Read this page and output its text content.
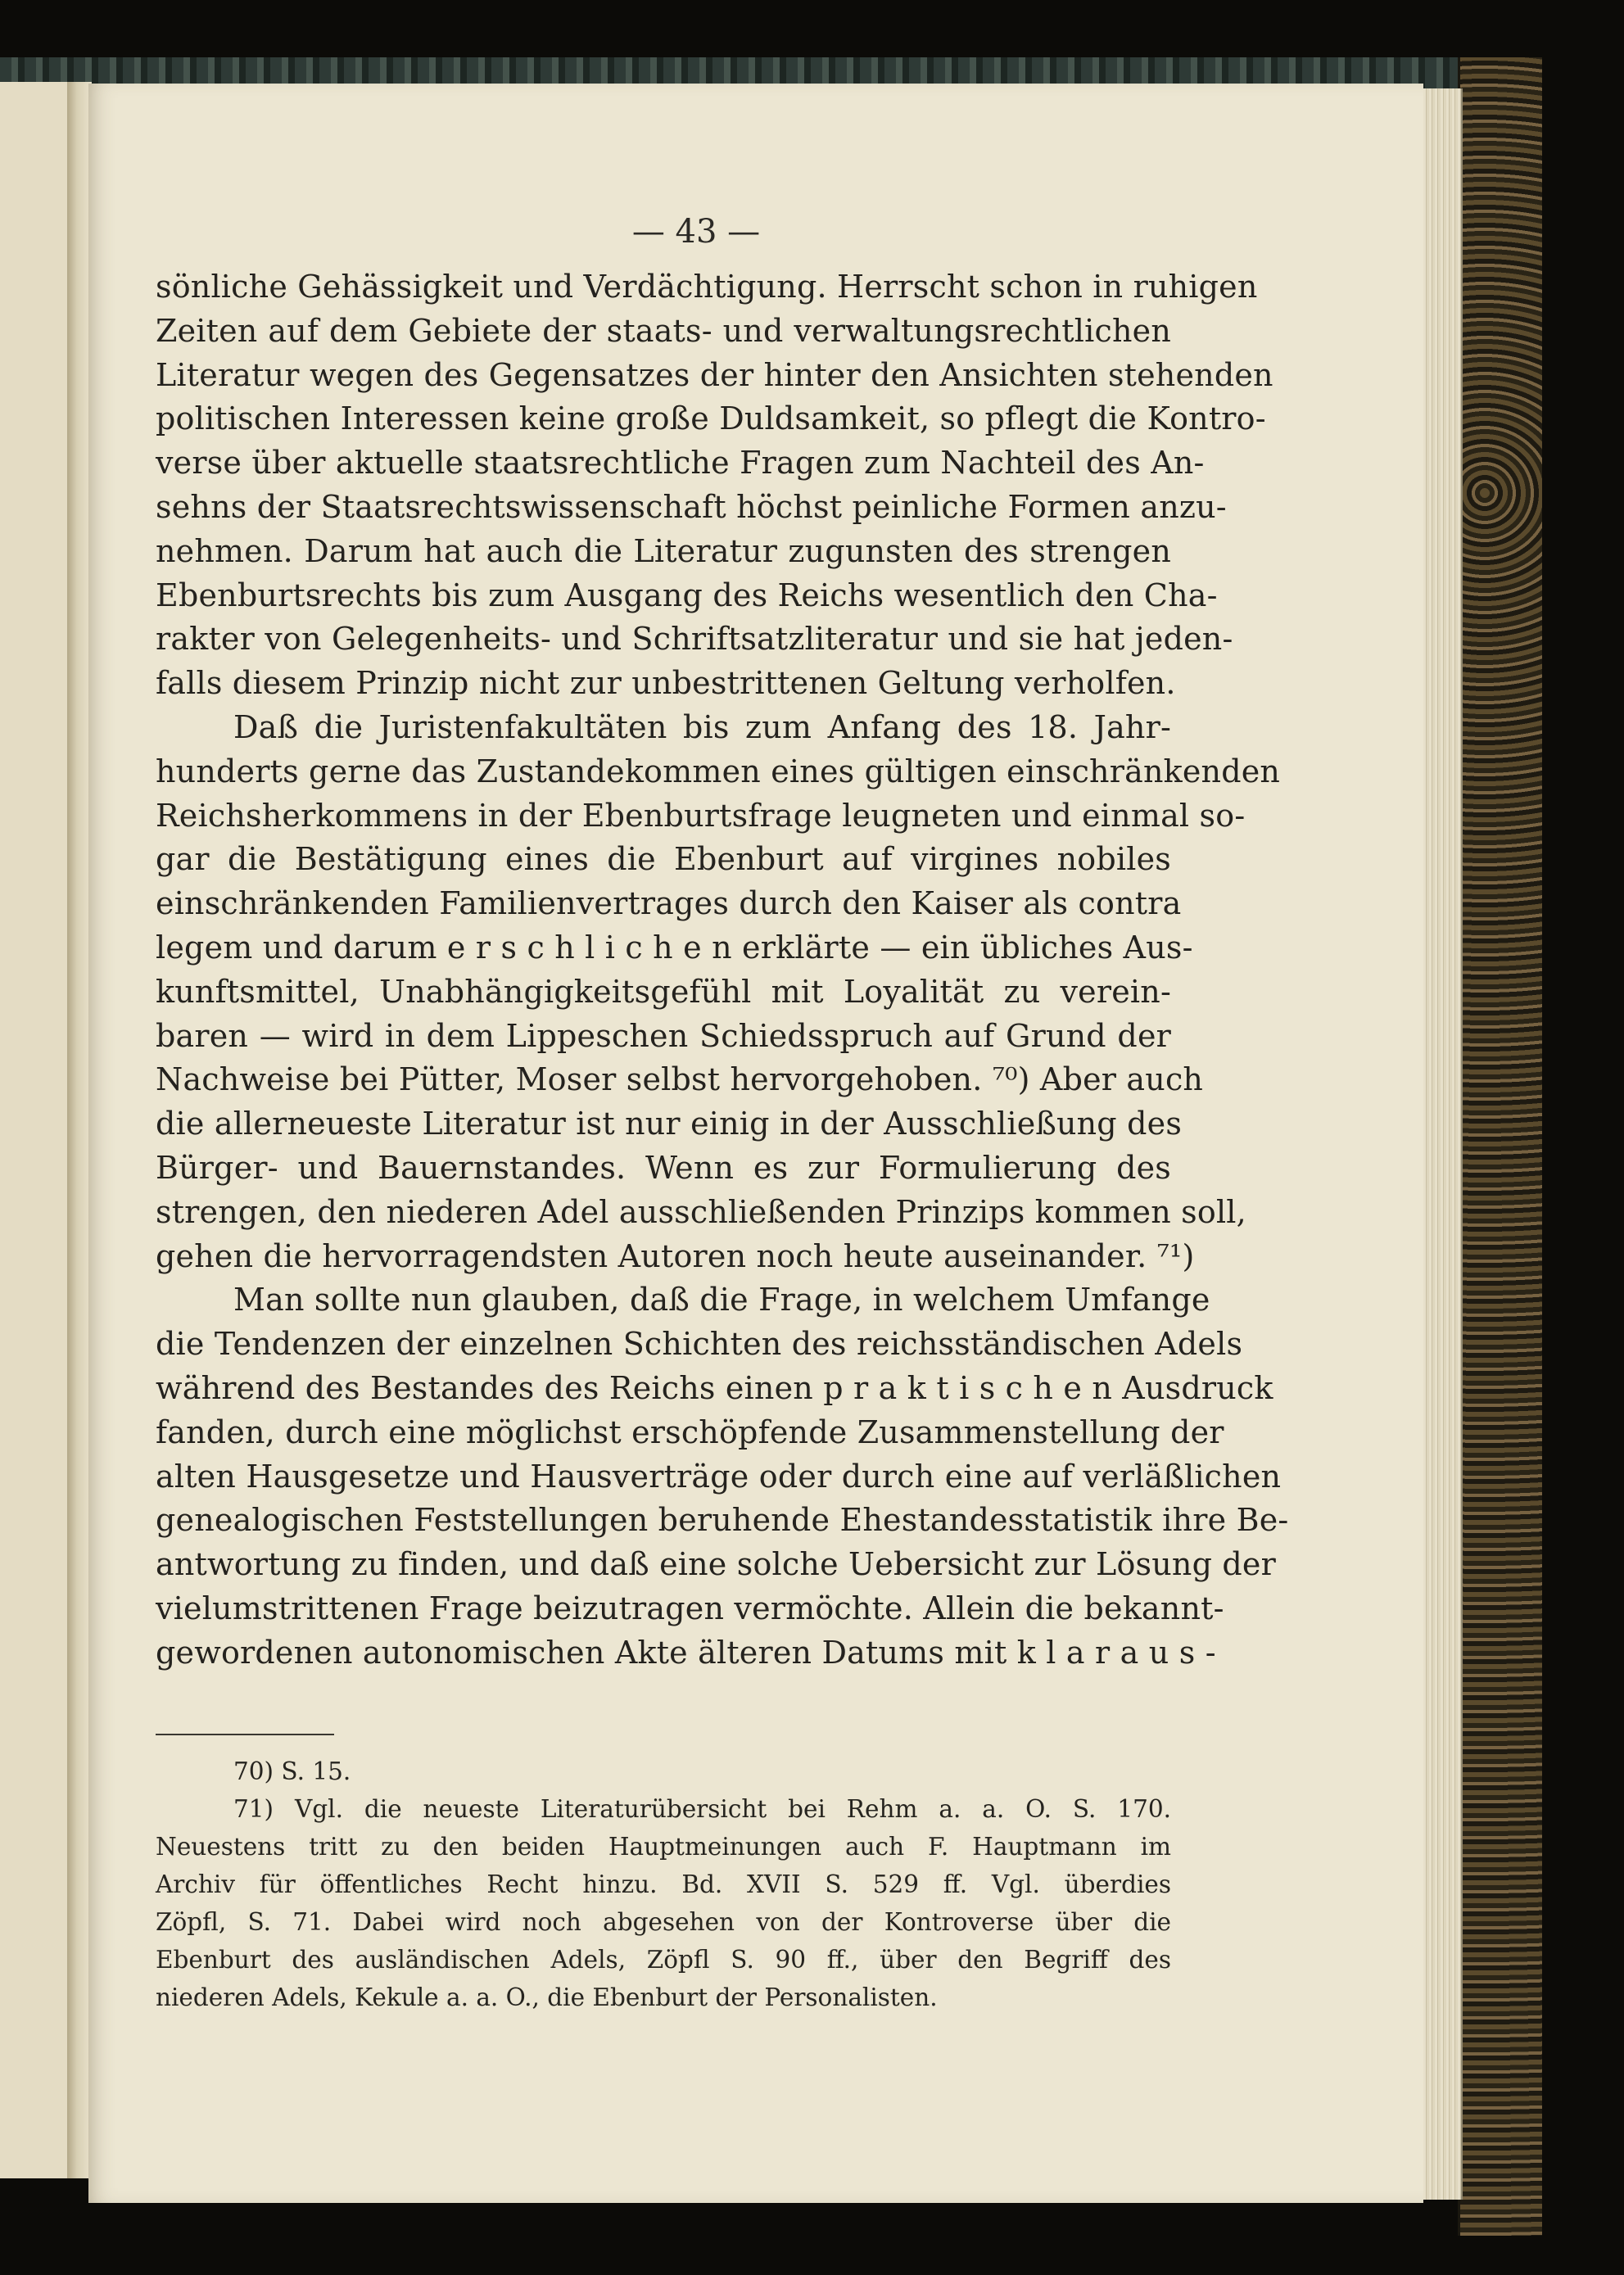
— 43 —
sönliche Gehässigkeit und Verdächtigung. Herrscht schon in ruhigen
Zeiten auf dem Gebiete der staats- und verwaltungsrechtlichen
Literatur wegen des Gegensatzes der hinter den Ansichten stehenden
politischen Interessen keine große Duldsamkeit, so pflegt die Kontro-
verse über aktuelle staatsrechtliche Fragen zum Nachteil des An-
sehns der Staatsrechtswissenschaft höchst peinliche Formen anzu-
nehmen. Darum hat auch die Literatur zugunsten des strengen
Ebenburtsrechts bis zum Ausgang des Reichs wesentlich den Cha-
rakter von Gelegenheits- und Schriftsatzliteratur und sie hat jeden-
falls diesem Prinzip nicht zur unbestrittenen Geltung verholfen.
Daß die Juristenfakultäten bis zum Anfang des 18. Jahr-
hunderts gerne das Zustandekommen eines gültigen einschränkenden
Reichsherkommens in der Ebenburtsfrage leugneten und einmal so-
gar die Bestätigung eines die Ebenburt auf virgines nobiles
einschränkenden Familienvertrages durch den Kaiser als contra
legem und darum e r s c h l i c h e n erklärte — ein übliches Aus-
kunftsmittel, Unabhängigkeitsgefühl mit Loyalität zu verein-
baren — wird in dem Lippeschen Schiedsspruch auf Grund der
Nachweise bei Pütter, Moser selbst hervorgehoben. ⁷⁰) Aber auch
die allerneueste Literatur ist nur einig in der Ausschließung des
Bürger- und Bauernstandes. Wenn es zur Formulierung des
strengen, den niederen Adel ausschließenden Prinzips kommen soll,
gehen die hervorragendsten Autoren noch heute auseinander. ⁷¹)
Man sollte nun glauben, daß die Frage, in welchem Umfange
die Tendenzen der einzelnen Schichten des reichsständischen Adels
während des Bestandes des Reichs einen p r a k t i s c h e n Ausdruck
fanden, durch eine möglichst erschöpfende Zusammenstellung der
alten Hausgesetze und Hausverträge oder durch eine auf verläßlichen
genealogischen Feststellungen beruhende Ehestandesstatistik ihre Be-
antwortung zu finden, und daß eine solche Uebersicht zur Lösung der
vielumstrittenen Frage beizutragen vermöchte. Allein die bekannt-
gewordenen autonomischen Akte älteren Datums mit k l a r a u s -
70) S. 15.
71) Vgl. die neueste Literaturübersicht bei Rehm a. a. O. S. 170.
Neuestens tritt zu den beiden Hauptmeinungen auch F. Hauptmann im
Archiv für öffentliches Recht hinzu. Bd. XVII S. 529 ff. Vgl. überdies
Zöpfl, S. 71. Dabei wird noch abgesehen von der Kontroverse über die
Ebenburt des ausländischen Adels, Zöpfl S. 90 ff., über den Begriff des
niederen Adels, Kekule a. a. O., die Ebenburt der Personalisten.
